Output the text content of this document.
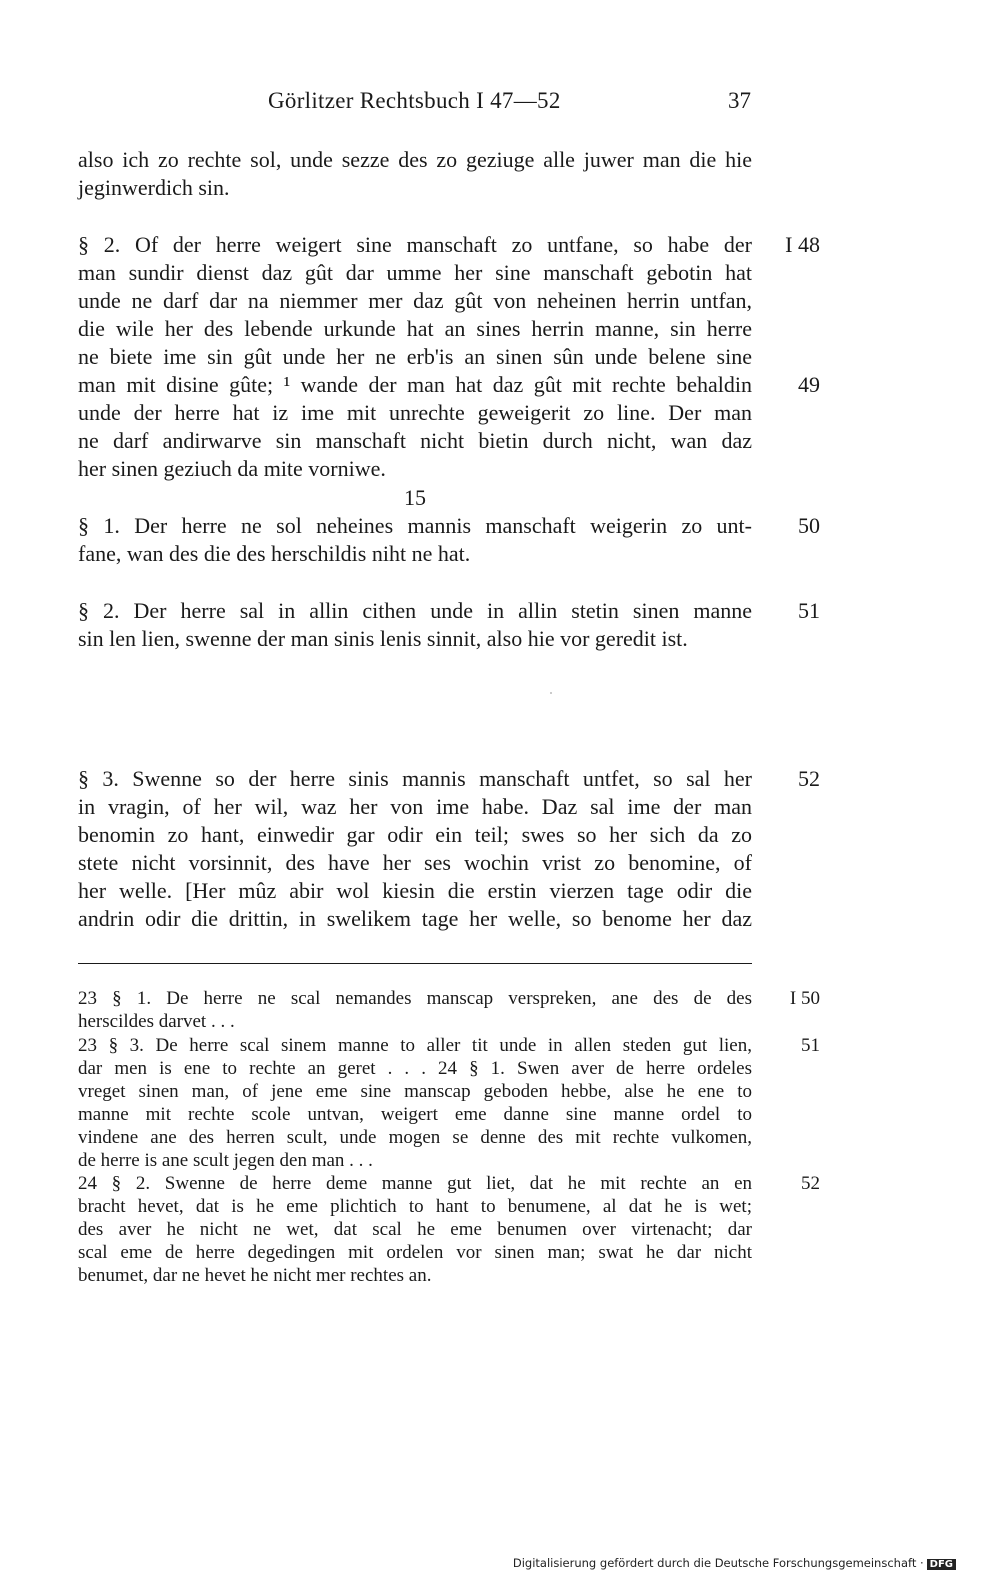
Görlitzer Rechtsbuch I 47—52	37
also ich zo rechte sol, unde sezze des zo geziuge alle juwer man die hie
jeginwerdich sin.
§ 2. Of der herre weigert sine manschaft zo untfane, so habe der	I 48
man sundir dienst daz gût dar umme her sine manschaft gebotin hat
unde ne darf dar na niemmer mer daz gût von neheinen herrin untfan,
die wile her des lebende urkunde hat an sines herrin manne, sin herre
ne biete ime sin gût unde her ne erb'is an sinen sûn unde belene sine
man mit disine gûte; ¹ wande der man hat daz gût mit rechte behaldin	49
unde der herre hat iz ime mit unrechte geweigerit zo line. Der man
ne darf andirwarve sin manschaft nicht bietin durch nicht, wan daz
her sinen geziuch da mite vorniwe.
15
§ 1. Der herre ne sol neheines mannis manschaft weigerin zo unt-	50
fane, wan des die des herschildis niht ne hat.
§ 2. Der herre sal in allin cithen unde in allin stetin sinen manne	51
sin len lien, swenne der man sinis lenis sinnit, also hie vor geredit ist.
§ 3. Swenne so der herre sinis mannis manschaft untfet, so sal her	52
in vragin, of her wil, waz her von ime habe. Daz sal ime der man
benomin zo hant, einwedir gar odir ein teil; swes so her sich da zo
stete nicht vorsinnit, des have her ses wochin vrist zo benomine, of
her welle. [Her mûz abir wol kiesin die erstin vierzen tage odir die
andrin odir die drittin, in swelikem tage her welle, so benome her daz
23 § 1. De herre ne scal nemandes manscap verspreken, ane des de des	I 50
herscildes darvet . . .
23 § 3. De herre scal sinem manne to aller tit unde in allen steden gut lien,	51
dar men is ene to rechte an geret . . . 24 § 1. Swen aver de herre ordeles
vreget sinen man, of jene eme sine manscap geboden hebbe, alse he ene to
manne mit rechte scole untvan, weigert eme danne sine manne ordel to
vindene ane des herren scult, unde mogen se denne des mit rechte vulkomen,
de herre is ane scult jegen den man . . .
24 § 2. Swenne de herre deme manne gut liet, dat he mit rechte an en	52
bracht hevet, dat is he eme plichtich to hant to benumene, al dat he is wet;
des aver he nicht ne wet, dat scal he eme benumen over virtenacht; dar
scal eme de herre degedingen mit ordelen vor sinen man; swat he dar nicht
benumet, dar ne hevet he nicht mer rechtes an.
Digitalisierung gefördert durch die Deutsche Forschungsgemeinschaft · DFG
